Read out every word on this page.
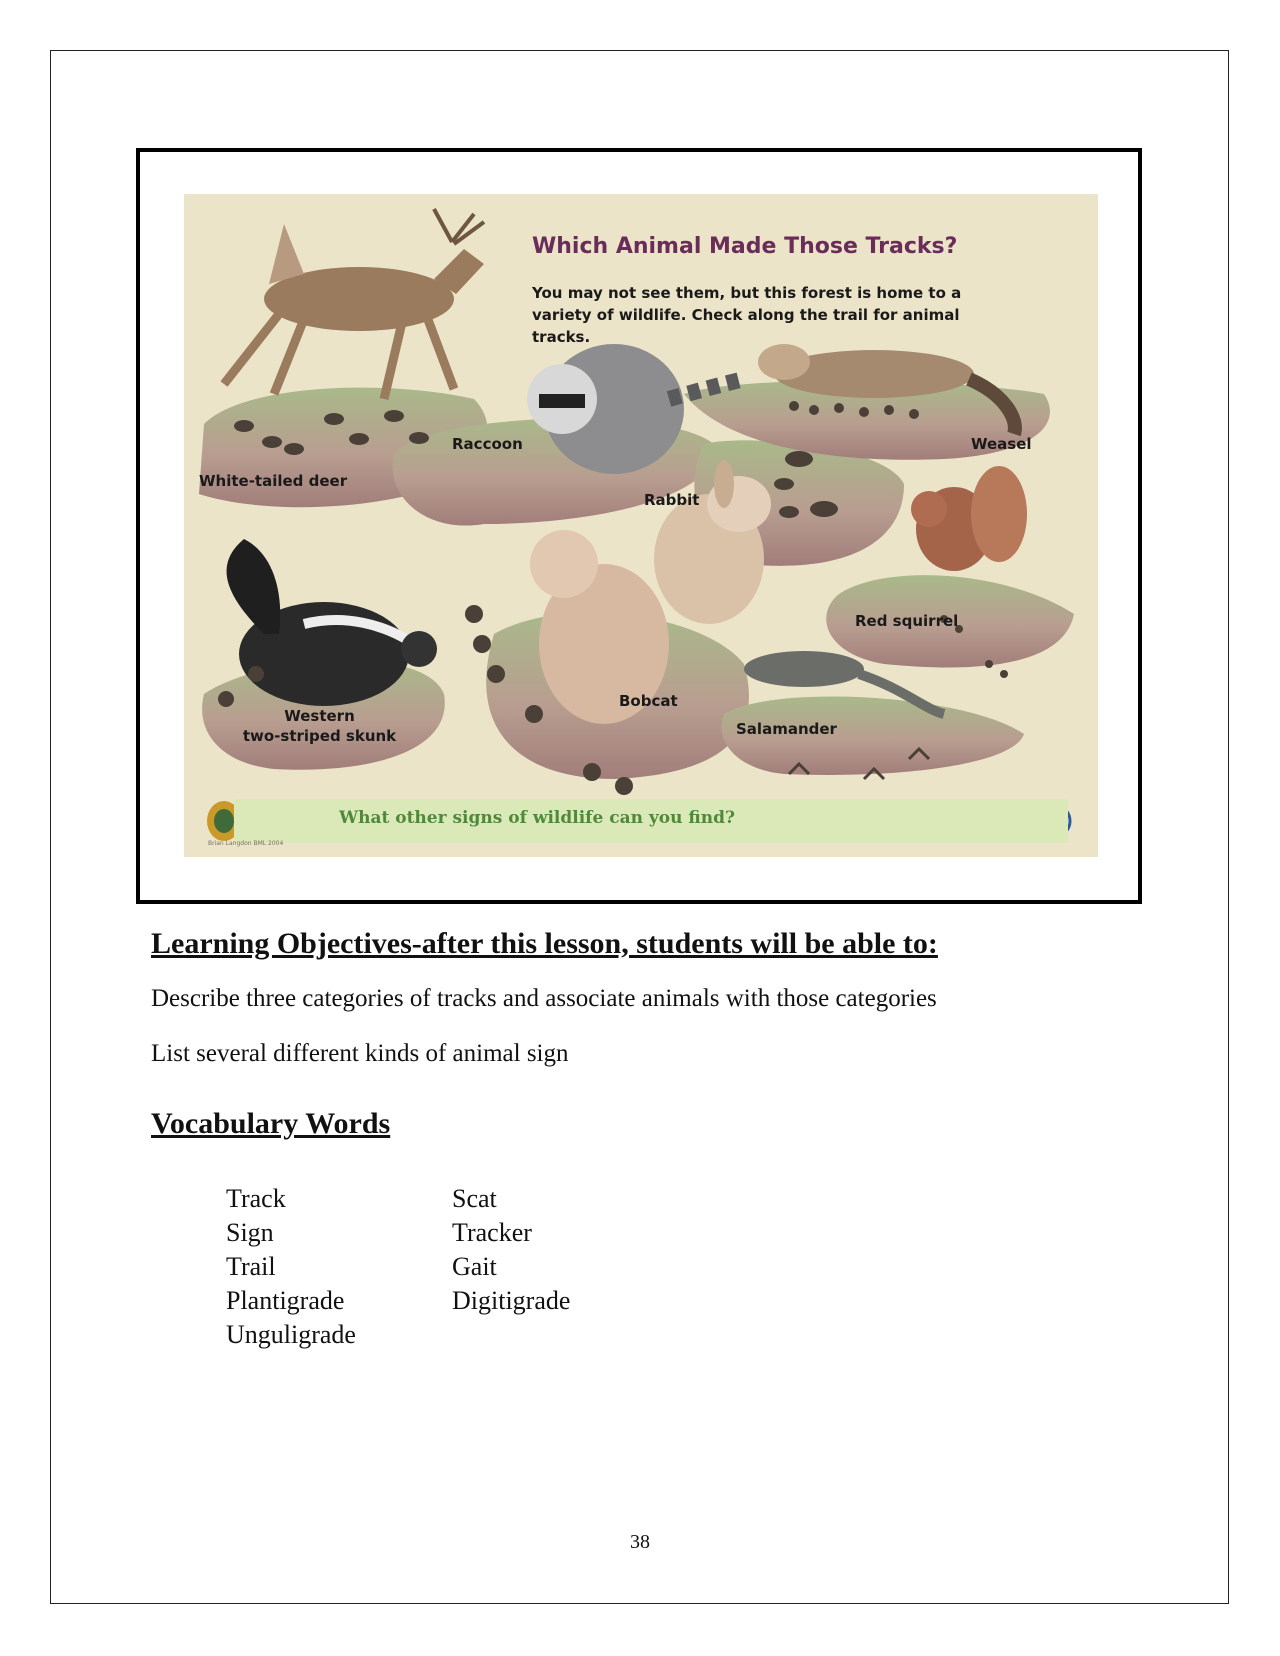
Which Animal Made Those Tracks?
You may not see them, but this forest is home to a variety of wildlife. Check along the trail for animal tracks.
White-tailed deer
Raccoon
Rabbit
Weasel
Red squirrel
Bobcat
Western
two-striped skunk	Salamander
What other signs of wildlife can you find?
Brian Langdon BML 2004
Learning Objectives-after this lesson, students will be able to:
Describe three categories of tracks and associate animals with those categories
List several different kinds of animal sign
Vocabulary Words
Track
Sign
Trail
Plantigrade
Unguligrade
Scat
Tracker
Gait
Digitigrade
38
